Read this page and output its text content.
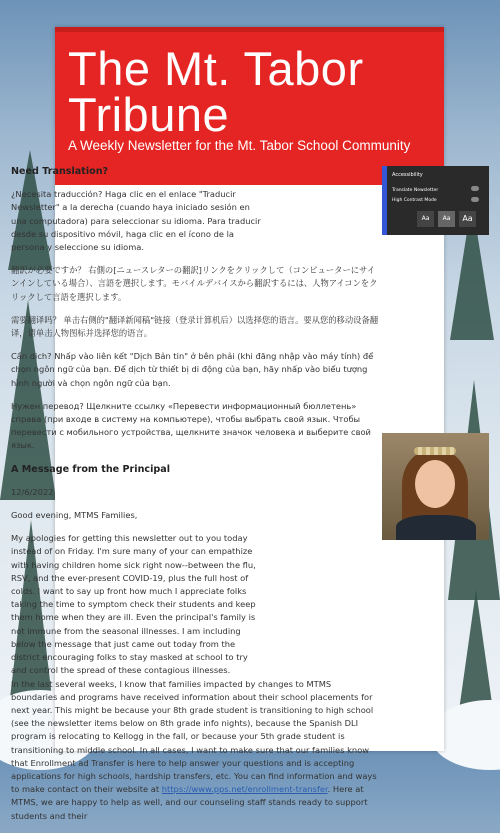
The Mt. Tabor Tribune
A Weekly Newsletter for the Mt. Tabor School Community
Accessibility
Translate Newsletter
High Contrast Mode
Aa	Aa	Aa
Need Translation?

¿Necesita traducción? Haga clic en el enlace "Traducir Newsletter" a la derecha (cuando haya iniciado sesión en una computadora) para seleccionar su idioma. Para traducir desde su dispositivo móvil, haga clic en el ícono de la persona y seleccione su idioma.

翻訳が必要ですか？ 右側の[ニュースレターの翻訳]リンクをクリックして（コンピューターにサインインしている場合）、言語を選択します。モバイルデバイスから翻訳するには、人物アイコンをクリックして言語を選択します。

需要翻译吗？ 单击右侧的"翻译新闻稿"链接（登录计算机后）以选择您的语言。要从您的移动设备翻译，请单击人物图标并选择您的语言。

Cần dịch? Nhấp vào liên kết "Dịch Bản tin" ở bên phải (khi đăng nhập vào máy tính) để chọn ngôn ngữ của bạn. Để dịch từ thiết bị di động của bạn, hãy nhấp vào biểu tượng hình người và chọn ngôn ngữ của bạn.

Нужен перевод? Щелкните ссылку «Перевести информационный бюллетень» справа (при входе в систему на компьютере), чтобы выбрать свой язык. Чтобы перевести с мобильного устройства, щелкните значок человека и выберите свой язык.

A Message from the Principal

12/6/2022

Good evening, MTMS Families,

My apologies for getting this newsletter out to you today instead of on Friday. I'm sure many of your can empathize with having children home sick right now--between the flu, RSV, and the ever-present COVID-19, plus the full host of colds. I want to say up front how much I appreciate folks taking the time to symptom check their students and keep them home when they are ill. Even the principal's family is not immune from the seasonal illnesses. I am including below the message that just came out today from the district encouraging folks to stay masked at school to try and control the spread of these contagious illnesses.

In the last several weeks, I know that families impacted by changes to MTMS boundaries and programs have received information about their school placements for next year. This might be because your 8th grade student is transitioning to high school (see the newsletter items below on 8th grade info nights), because the Spanish DLI program is relocating to Kellogg in the fall, or because your 5th grade student is transitioning to middle school. In all cases, I want to make sure that our families know that Enrollment ad Transfer is here to help answer your questions and is accepting applications for high schools, hardship transfers, etc. You can find information and ways to make contact on their website at https://www.pps.net/enrollment-transfer. Here at MTMS, we are happy to help as well, and our counseling staff stands ready to support students and their
